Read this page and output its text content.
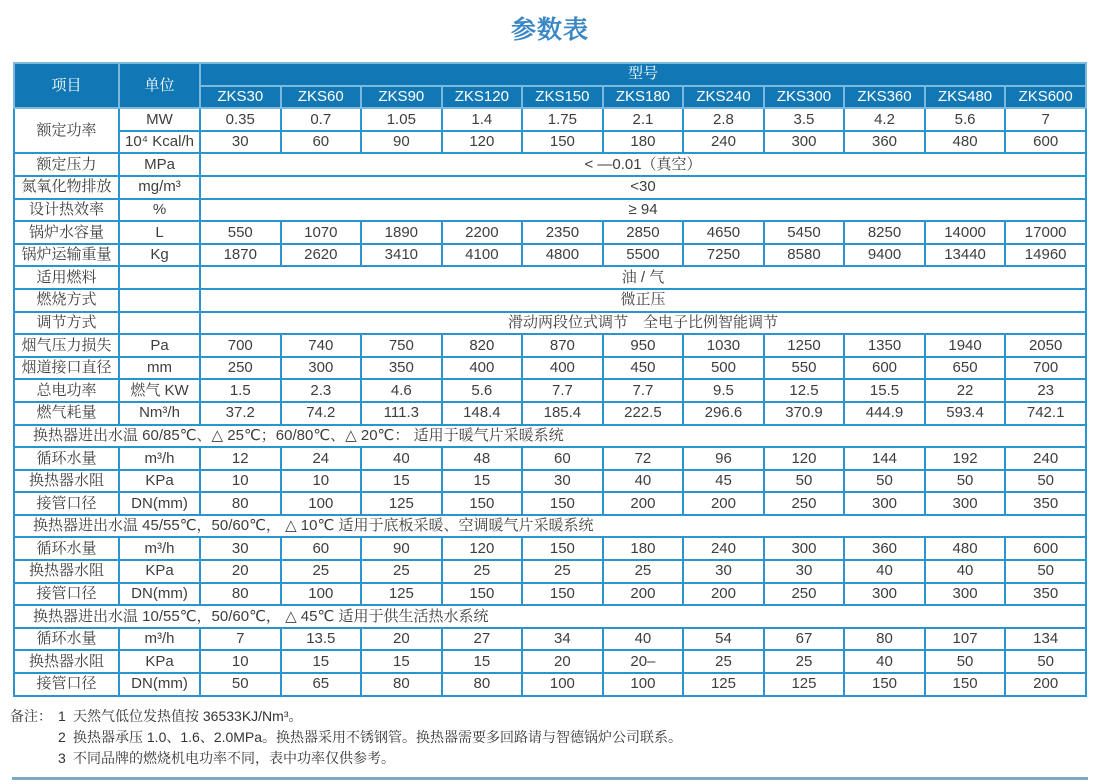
参数表
项目	单位	型号										
		ZKS30	ZKS60	ZKS90	ZKS120	ZKS150	ZKS180	ZKS240	ZKS300	ZKS360	ZKS480	ZKS600
额定功率	MW	0.35	0.7	1.05	1.4	1.75	2.1	2.8	3.5	4.2	5.6	7
	10⁴ Kcal/h	30	60	90	120	150	180	240	300	360	480	600
额定压力	MPa	< —0.01（真空）										
氮氧化物排放	mg/m³	<30										
设计热效率	%	≥ 94										
锅炉水容量	L	550	1070	1890	2200	2350	2850	4650	5450	8250	14000	17000
锅炉运输重量	Kg	1870	2620	3410	4100	4800	5500	7250	8580	9400	13440	14960
适用燃料		油 / 气										
燃烧方式		微正压										
调节方式		滑动两段位式调节　全电子比例智能调节										
烟气压力损失	Pa	700	740	750	820	870	950	1030	1250	1350	1940	2050
烟道接口直径	mm	250	300	350	400	400	450	500	550	600	650	700
总电功率	燃气 KW	1.5	2.3	4.6	5.6	7.7	7.7	9.5	12.5	15.5	22	23
燃气耗量	Nm³/h	37.2	74.2	111.3	148.4	185.4	222.5	296.6	370.9	444.9	593.4	742.1
换热器进出水温 60/85℃、△ 25℃；60/80℃、△ 20℃： 适用于暖气片采暖系统												
循环水量	m³/h	12	24	40	48	60	72	96	120	144	192	240
换热器水阻	KPa	10	10	15	15	30	40	45	50	50	50	50
接管口径	DN(mm)	80	100	125	150	150	200	200	250	300	300	350
换热器进出水温 45/55℃，50/60℃， △ 10℃ 适用于底板采暖、空调暖气片采暖系统												
循环水量	m³/h	30	60	90	120	150	180	240	300	360	480	600
换热器水阻	KPa	20	25	25	25	25	25	30	30	40	40	50
接管口径	DN(mm)	80	100	125	150	150	200	200	250	300	300	350
换热器进出水温 10/55℃，50/60℃， △ 45℃ 适用于供生活热水系统												
循环水量	m³/h	7	13.5	20	27	34	40	54	67	80	107	134
换热器水阻	KPa	10	15	15	15	20	20–	25	25	40	50	50
接管口径	DN(mm)	50	65	80	80	100	100	125	125	150	150	200
备注： 1 天然气低位发热值按 36533KJ/Nm³。
2 换热器承压 1.0、1.6、2.0MPa。换热器采用不锈钢管。换热器需要多回路请与智德锅炉公司联系。
3 不同品牌的燃烧机电功率不同，表中功率仅供参考。
